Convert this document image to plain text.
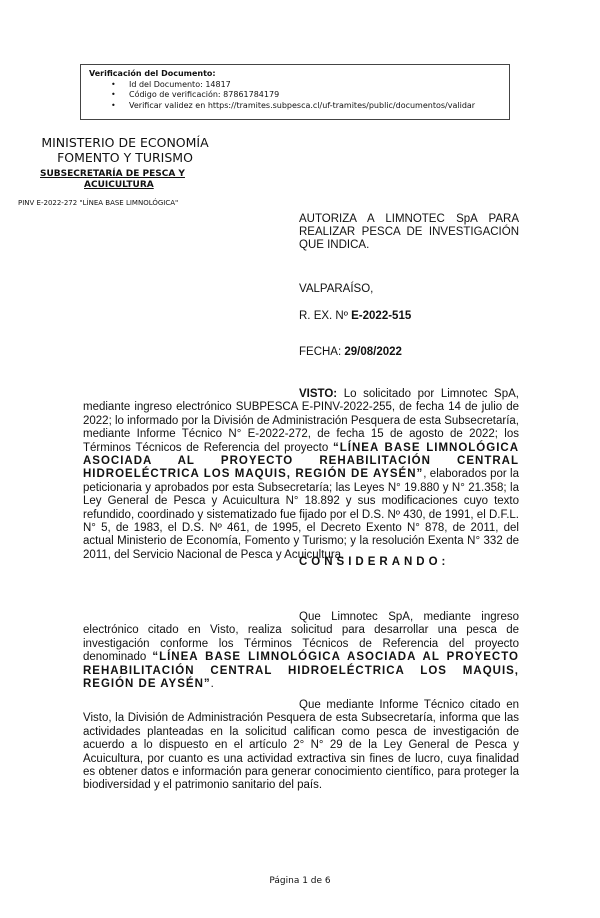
Verificación del Documento:
• Id del Documento: 14817
• Código de verificación: 87861784179
• Verificar validez en https://tramites.subpesca.cl/uf-tramites/public/documentos/validar
MINISTERIO DE ECONOMÍA
FOMENTO Y TURISMO
SUBSECRETARÍA DE PESCA Y
ACUICULTURA
PINV E-2022-272 "LÍNEA BASE LIMNOLÓGICA"
AUTORIZA A LIMNOTEC SpA PARA REALIZAR PESCA DE INVESTIGACIÓN QUE INDICA.
VALPARAÍSO,
R. EX. Nº E-2022-515
FECHA: 29/08/2022
VISTO: Lo solicitado por Limnotec SpA, mediante ingreso electrónico SUBPESCA E-PINV-2022-255, de fecha 14 de julio de 2022; lo informado por la División de Administración Pesquera de esta Subsecretaría, mediante Informe Técnico N° E-2022-272, de fecha 15 de agosto de 2022; los Términos Técnicos de Referencia del proyecto “LÍNEA BASE LIMNOLÓGICA ASOCIADA AL PROYECTO REHABILITACIÓN CENTRAL HIDROELÉCTRICA LOS MAQUIS, REGIÓN DE AYSÉN”, elaborados por la peticionaria y aprobados por esta Subsecretaría; las Leyes N° 19.880 y N° 21.358; la Ley General de Pesca y Acuicultura N° 18.892 y sus modificaciones cuyo texto refundido, coordinado y sistematizado fue fijado por el D.S. Nº 430, de 1991, el D.F.L. N° 5, de 1983, el D.S. Nº 461, de 1995, el Decreto Exento N° 878, de 2011, del actual Ministerio de Economía, Fomento y Turismo; y la resolución Exenta N° 332 de 2011, del Servicio Nacional de Pesca y Acuicultura.
CONSIDERANDO:
Que Limnotec SpA, mediante ingreso electrónico citado en Visto, realiza solicitud para desarrollar una pesca de investigación conforme los Términos Técnicos de Referencia del proyecto denominado “LÍNEA BASE LIMNOLÓGICA ASOCIADA AL PROYECTO REHABILITACIÓN CENTRAL HIDROELÉCTRICA LOS MAQUIS, REGIÓN DE AYSÉN”.
Que mediante Informe Técnico citado en Visto, la División de Administración Pesquera de esta Subsecretaría, informa que las actividades planteadas en la solicitud califican como pesca de investigación de acuerdo a lo dispuesto en el artículo 2° N° 29 de la Ley General de Pesca y Acuicultura, por cuanto es una actividad extractiva sin fines de lucro, cuya finalidad es obtener datos e información para generar conocimiento científico, para proteger la biodiversidad y el patrimonio sanitario del país.
Página 1 de 6
